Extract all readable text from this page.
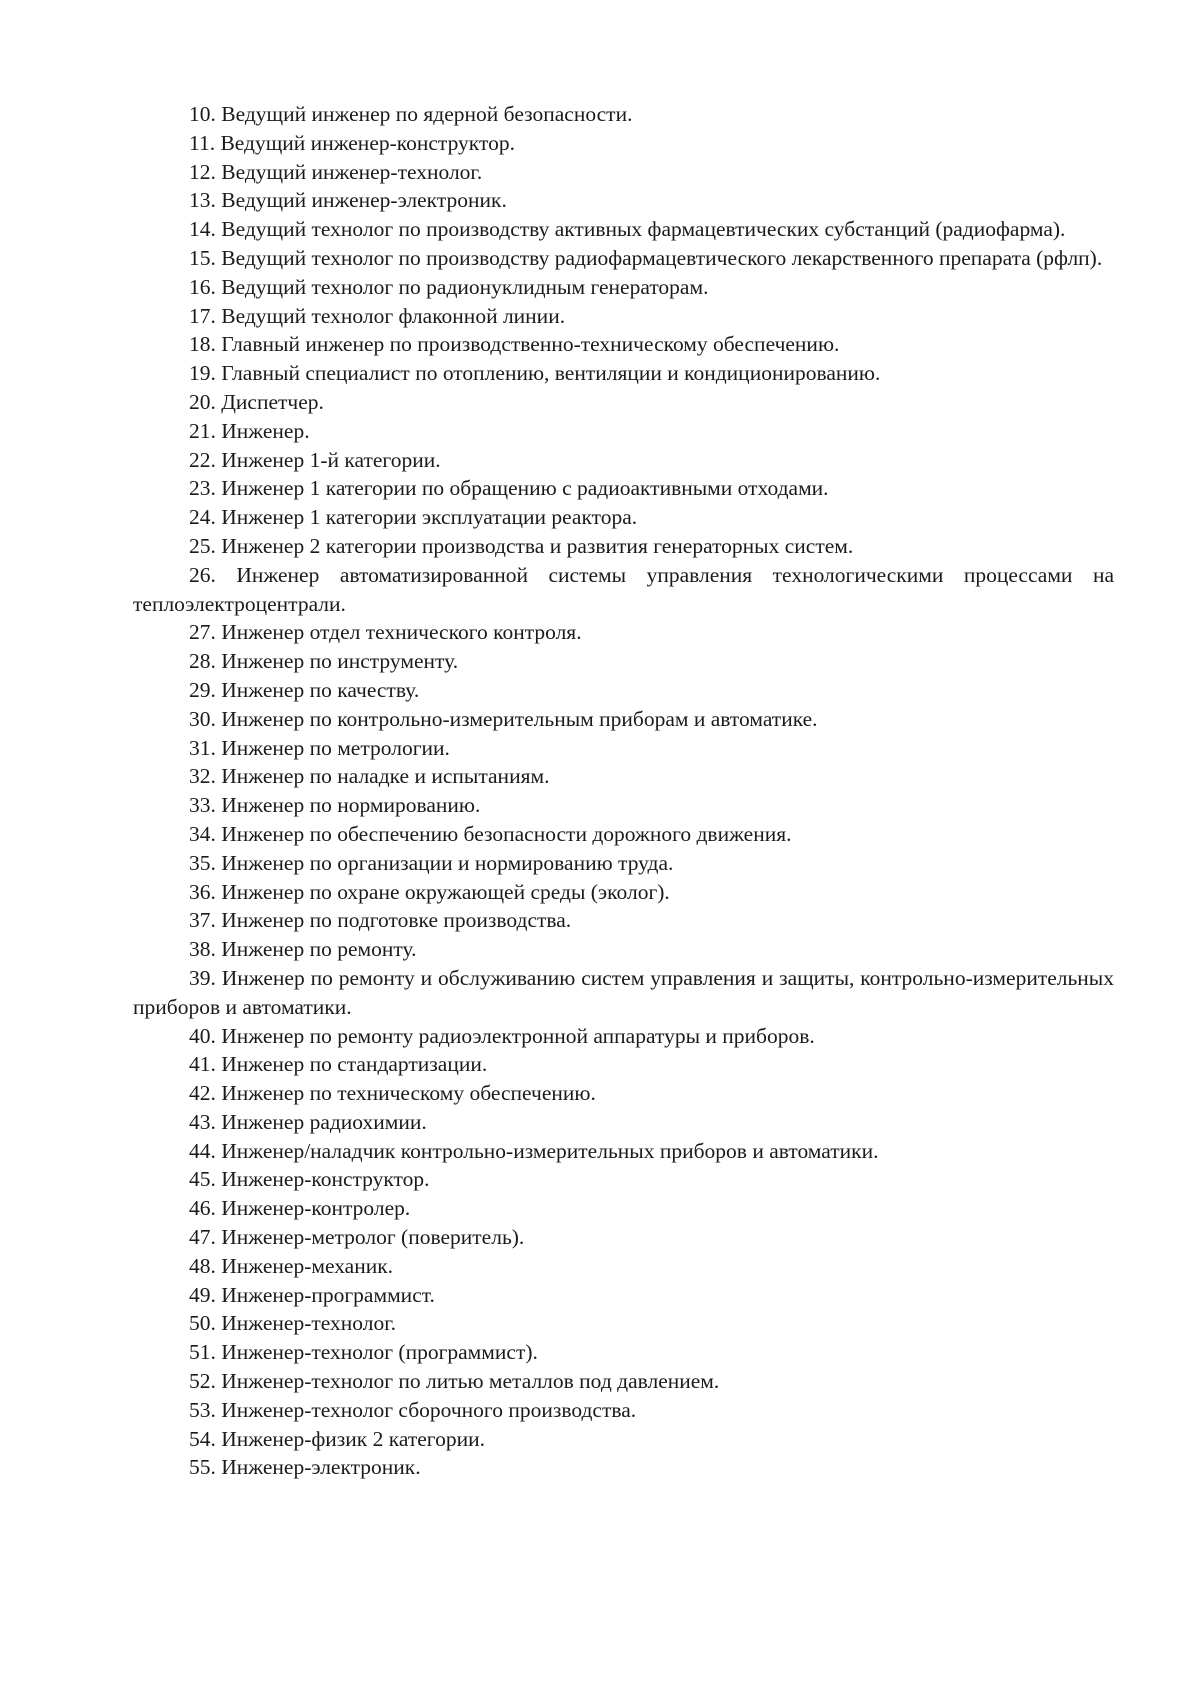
10. Ведущий инженер по ядерной безопасности.
11. Ведущий инженер-конструктор.
12. Ведущий инженер-технолог.
13. Ведущий инженер-электроник.
14. Ведущий технолог по производству активных фармацевтических субстанций (радиофарма).
15. Ведущий технолог по производству радиофармацевтического лекарственного препарата (рфлп).
16. Ведущий технолог по радионуклидным генераторам.
17. Ведущий технолог флаконной линии.
18. Главный инженер по производственно-техническому обеспечению.
19. Главный специалист по отоплению, вентиляции и кондиционированию.
20. Диспетчер.
21. Инженер.
22. Инженер 1-й категории.
23. Инженер 1 категории по обращению с радиоактивными отходами.
24. Инженер 1 категории эксплуатации реактора.
25. Инженер 2 категории производства и развития генераторных систем.
26. Инженер автоматизированной системы управления технологическими процессами на теплоэлектроцентрали.
27. Инженер отдел технического контроля.
28. Инженер по инструменту.
29. Инженер по качеству.
30. Инженер по контрольно-измерительным приборам и автоматике.
31. Инженер по метрологии.
32. Инженер по наладке и испытаниям.
33. Инженер по нормированию.
34. Инженер по обеспечению безопасности дорожного движения.
35. Инженер по организации и нормированию труда.
36. Инженер по охране окружающей среды (эколог).
37. Инженер по подготовке производства.
38. Инженер по ремонту.
39. Инженер по ремонту и обслуживанию систем управления и защиты, контрольно-измерительных приборов и автоматики.
40. Инженер по ремонту радиоэлектронной аппаратуры и приборов.
41. Инженер по стандартизации.
42. Инженер по техническому обеспечению.
43. Инженер радиохимии.
44. Инженер/наладчик контрольно-измерительных приборов и автоматики.
45. Инженер-конструктор.
46. Инженер-контролер.
47. Инженер-метролог (поверитель).
48. Инженер-механик.
49. Инженер-программист.
50. Инженер-технолог.
51. Инженер-технолог (программист).
52. Инженер-технолог по литью металлов под давлением.
53. Инженер-технолог сборочного производства.
54. Инженер-физик 2 категории.
55. Инженер-электроник.
